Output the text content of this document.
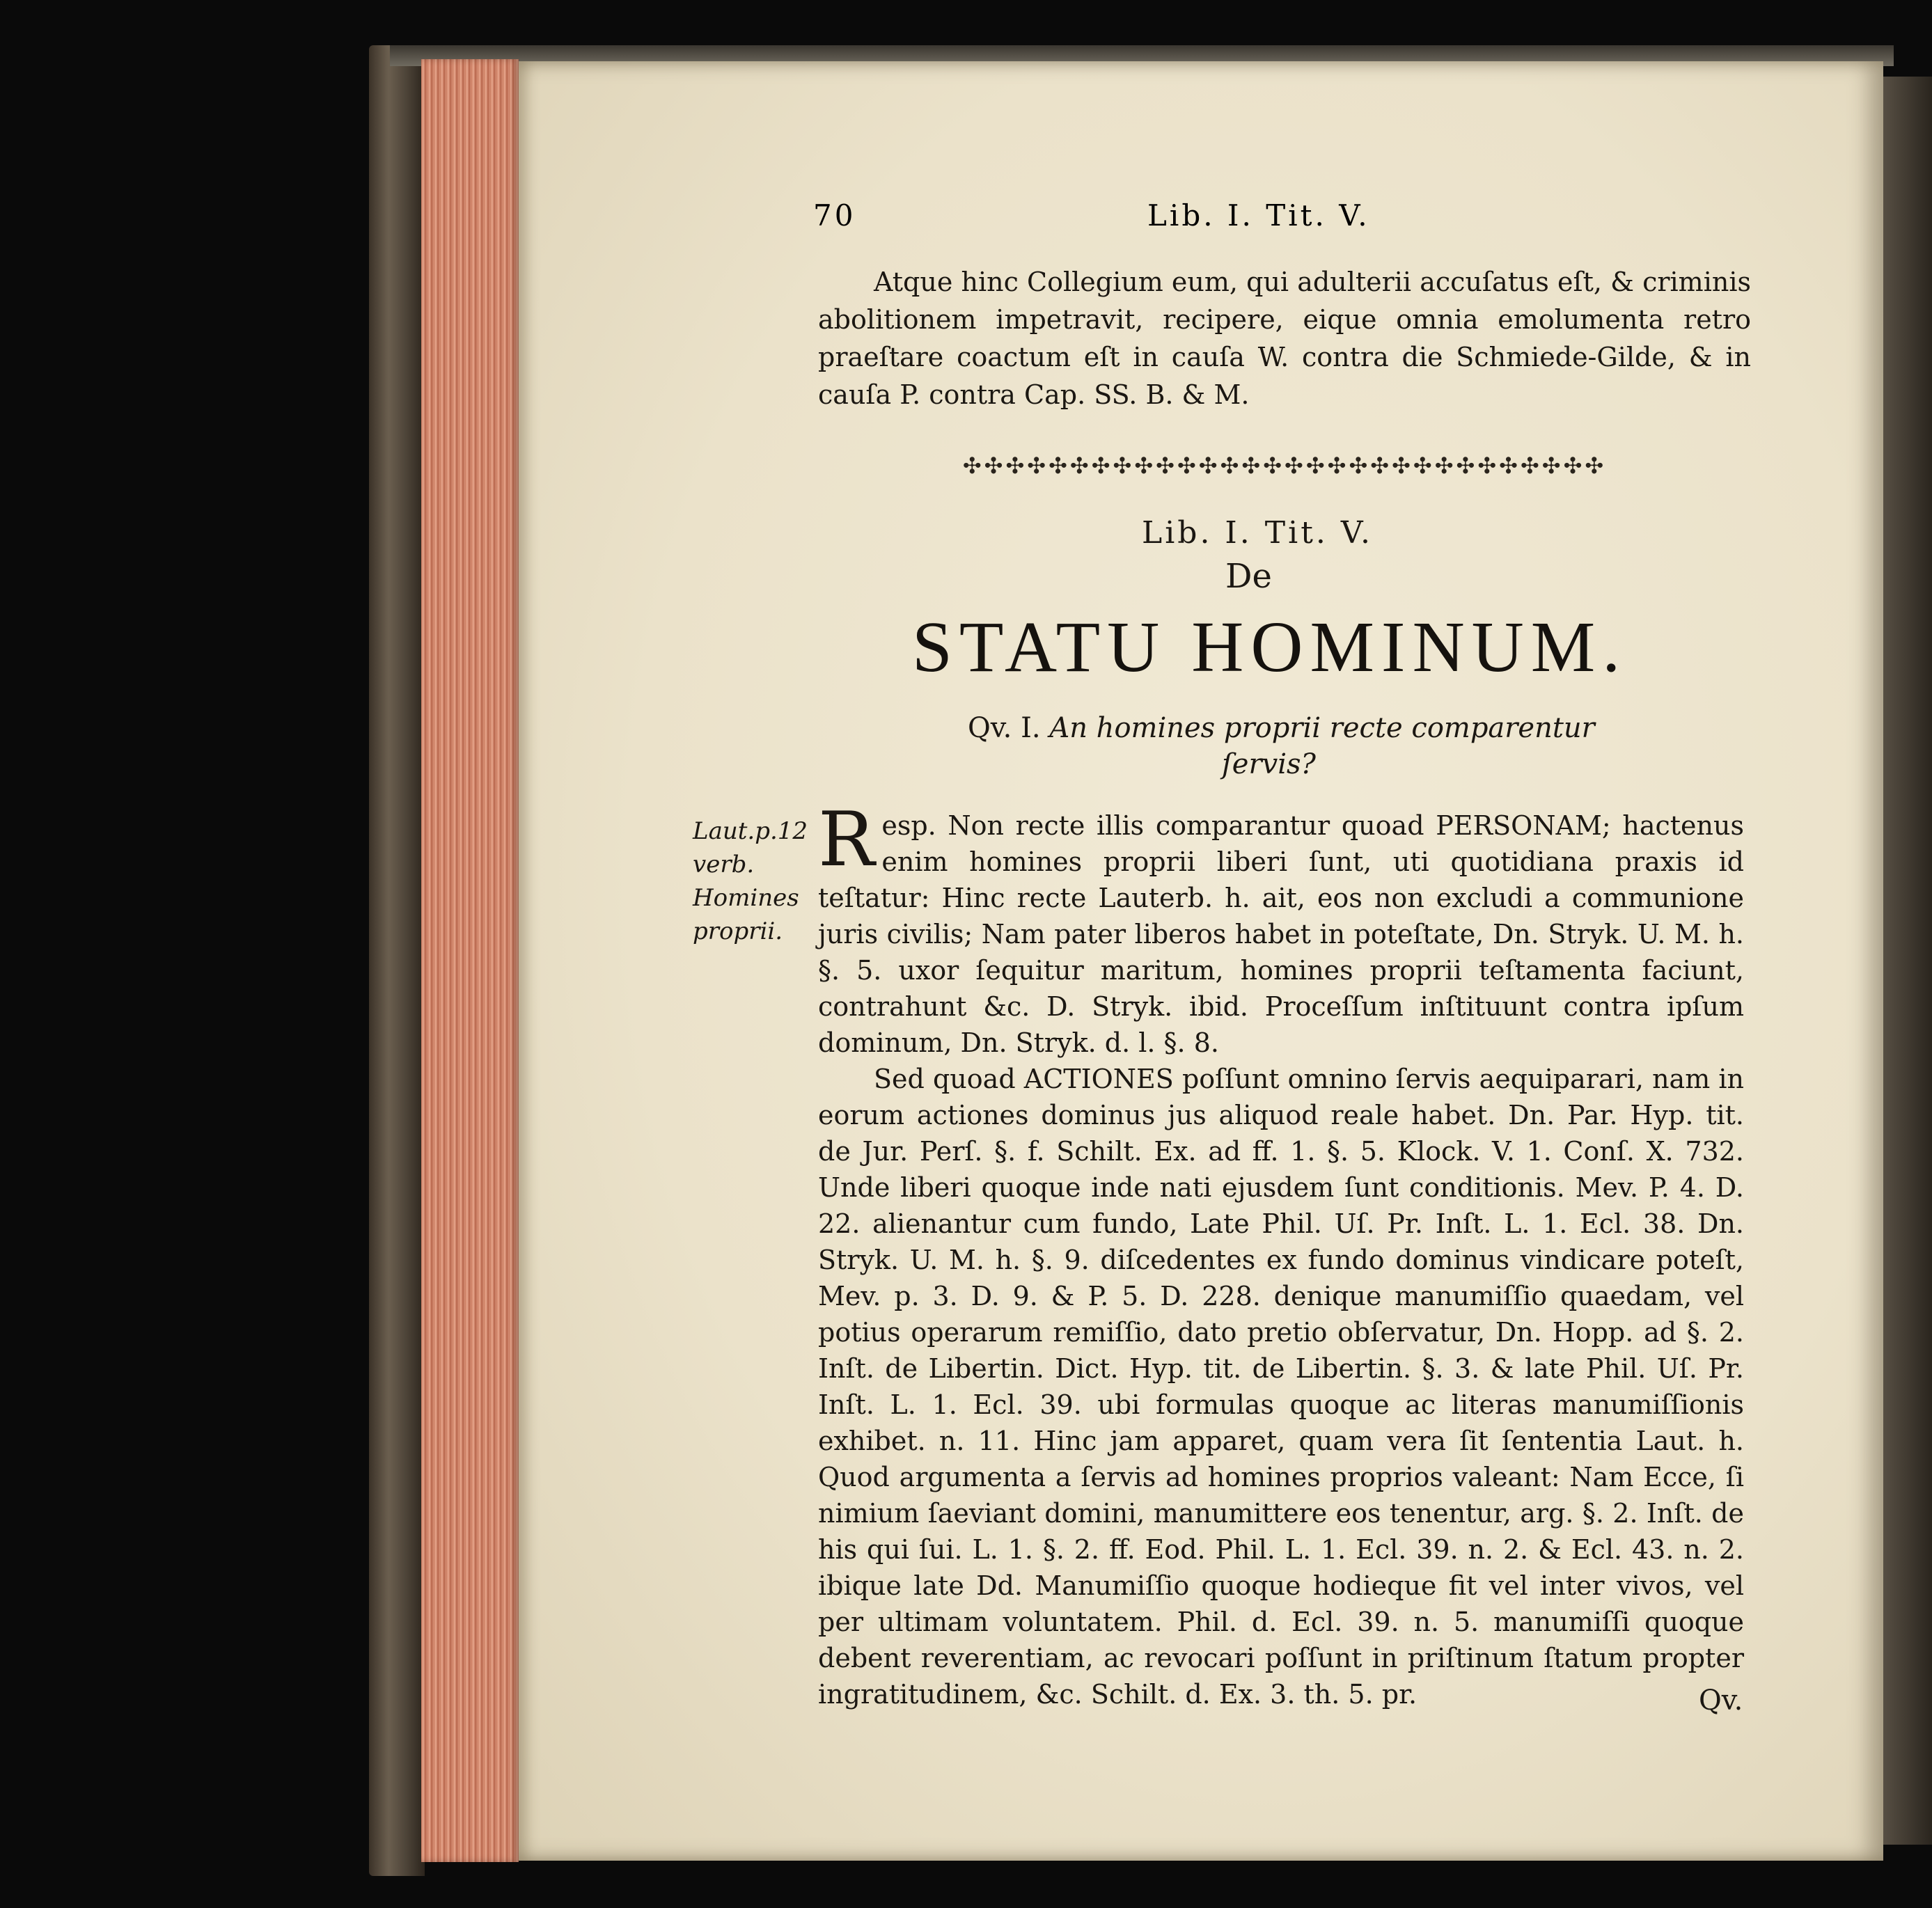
70	Lib. I. Tit. V.

Atque hinc Collegium eum, qui adulterii accuſatus eſt, & criminis abolitionem impetravit, recipere, eique omnia emolumenta retro praeſtare coactum eſt in cauſa W. contra die Schmiede-Gilde, & in cauſa P. contra Cap. SS. B. & M.

✣✣✣✣✣✣✣✣✣✣✣✣✣✣✣✣✣✣✣✣✣✣✣✣✣✣✣✣✣✣
Lib. I. Tit. V.
De
STATU HOMINUM.
Qv. I. An homines proprii recte comparentur
ſervis?
Laut.p.12 verb. Homines proprii.

R esp. Non recte illis comparantur quoad PERSONAM; hactenus enim homines proprii liberi ſunt, uti quotidiana praxis id teſtatur: Hinc recte Lauterb. h. ait, eos non excludi a communione juris civilis; Nam pater liberos habet in poteſtate, Dn. Stryk. U. M. h. §. 5. uxor ſequitur maritum, homines proprii teſtamenta faciunt, contrahunt &c. D. Stryk. ibid. Proceſſum inſtituunt contra ipſum dominum, Dn. Stryk. d. l. §. 8.

Sed quoad ACTIONES poſſunt omnino ſervis aequiparari, nam in eorum actiones dominus jus aliquod reale habet. Dn. Par. Hyp. tit. de Jur. Perſ. §. f. Schilt. Ex. ad ff. 1. §. 5. Klock. V. 1. Conſ. X. 732. Unde liberi quoque inde nati ejusdem ſunt conditionis. Mev. P. 4. D. 22. alienantur cum fundo, Late Phil. Uſ. Pr. Inſt. L. 1. Ecl. 38. Dn. Stryk. U. M. h. §. 9. diſcedentes ex fundo dominus vindicare poteſt, Mev. p. 3. D. 9. & P. 5. D. 228. denique manumiſſio quaedam, vel potius operarum remiſſio, dato pretio obſervatur, Dn. Hopp. ad §. 2. Inſt. de Libertin. Dict. Hyp. tit. de Libertin. §. 3. & late Phil. Uſ. Pr. Inſt. L. 1. Ecl. 39. ubi formulas quoque ac literas manumiſſionis exhibet. n. 11. Hinc jam apparet, quam vera ſit ſententia Laut. h. Quod argumenta a ſervis ad homines proprios valeant: Nam Ecce, ſi nimium ſaeviant domini, manumittere eos tenentur, arg. §. 2. Inſt. de his qui ſui. L. 1. §. 2. ff. Eod. Phil. L. 1. Ecl. 39. n. 2. & Ecl. 43. n. 2. ibique late Dd. Manumiſſio quoque hodieque fit vel inter vivos, vel per ultimam voluntatem. Phil. d. Ecl. 39. n. 5. manumiſſi quoque debent reverentiam, ac revocari poſſunt in priſtinum ſtatum propter ingratitudinem, &c. Schilt. d. Ex. 3. th. 5. pr.	Qv.
